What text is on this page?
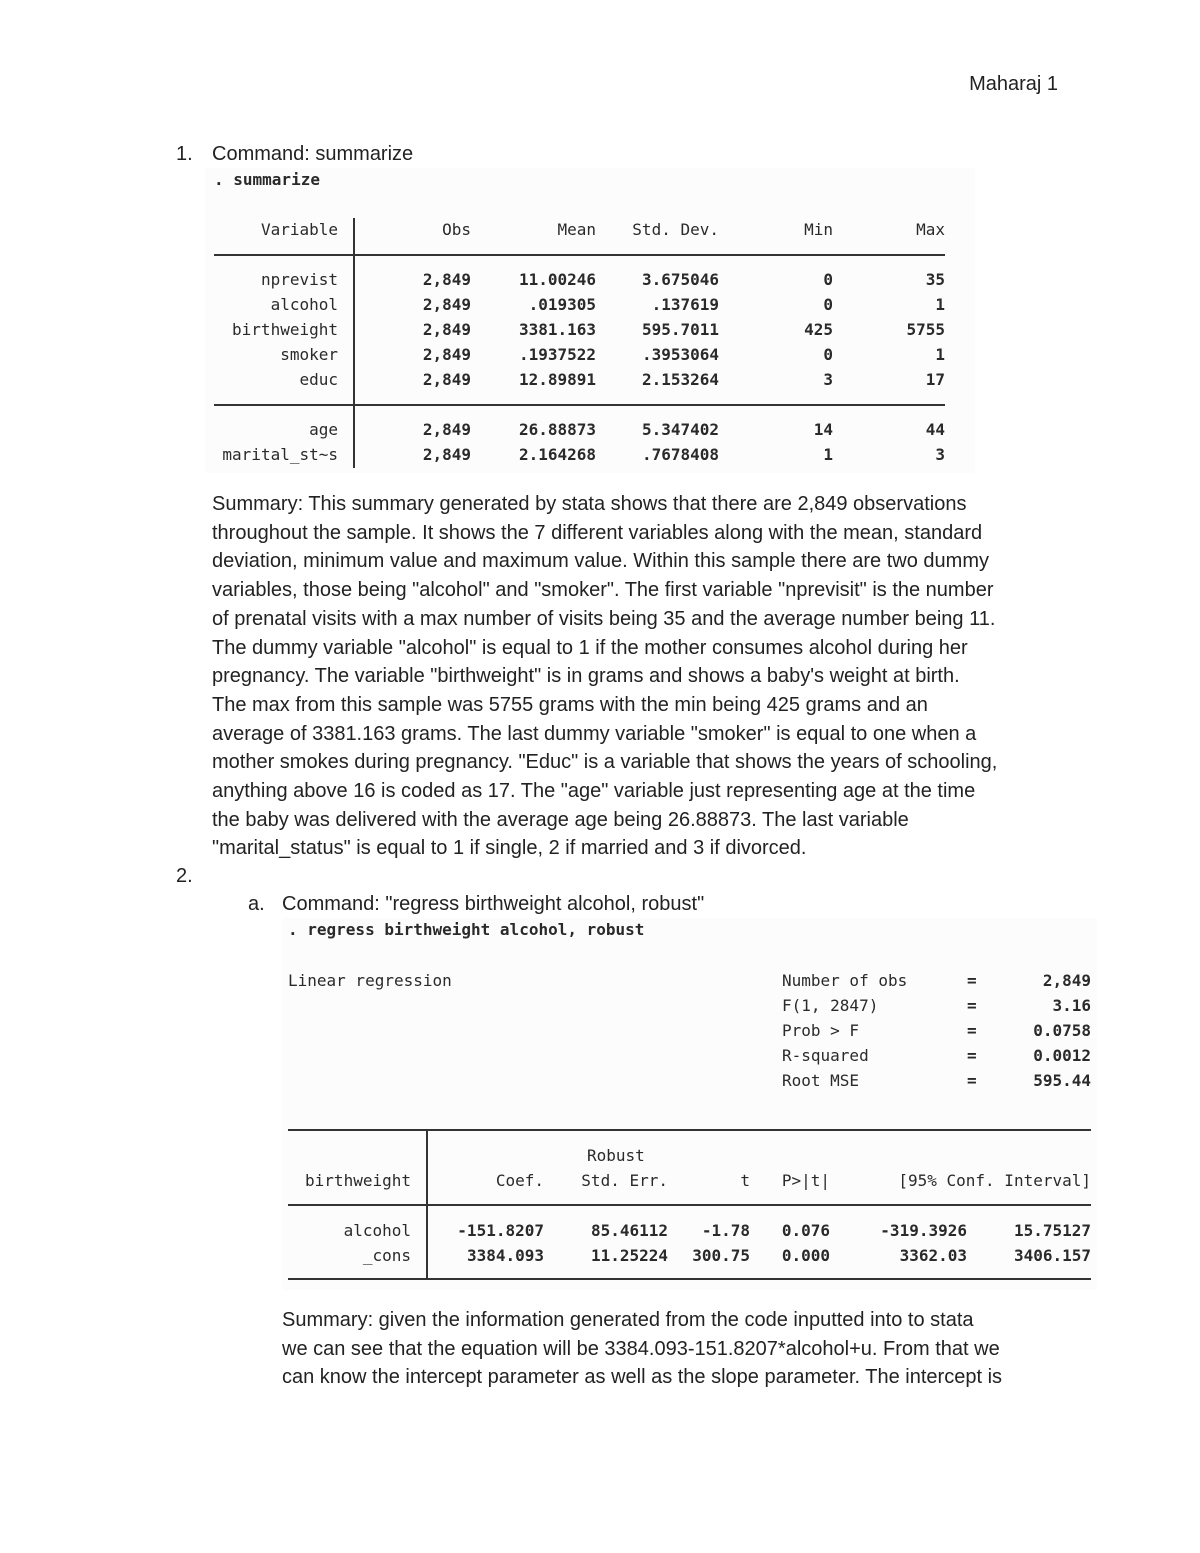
Maharaj 1
1. Command: summarize
. summarize
Variable	Obs	Mean	Std. Dev.	Min	Max
nprevist	2,849	11.00246	3.675046	0	35
alcohol	2,849	.019305	.137619	0	1
birthweight	2,849	3381.163	595.7011	425	5755
smoker	2,849	.1937522	.3953064	0	1
educ	2,849	12.89891	2.153264	3	17
age	2,849	26.88873	5.347402	14	44
marital_st~s	2,849	2.164268	.7678408	1	3
Summary: This summary generated by stata shows that there are 2,849 observations
throughout the sample. It shows the 7 different variables along with the mean, standard
deviation, minimum value and maximum value. Within this sample there are two dummy
variables, those being "alcohol" and "smoker". The first variable "nprevisit" is the number
of prenatal visits with a max number of visits being 35 and the average number being 11.
The dummy variable "alcohol" is equal to 1 if the mother consumes alcohol during her
pregnancy. The variable "birthweight" is in grams and shows a baby's weight at birth.
The max from this sample was 5755 grams with the min being 425 grams and an
average of 3381.163 grams. The last dummy variable "smoker" is equal to one when a
mother smokes during pregnancy. "Educ" is a variable that shows the years of schooling,
anything above 16 is coded as 17. The "age" variable just representing age at the time
the baby was delivered with the average age being 26.88873. The last variable
"marital_status" is equal to 1 if single, 2 if married and 3 if divorced.
2.
a. Command: "regress birthweight alcohol, robust"
. regress birthweight alcohol, robust
Linear regression	Number of obs	=	2,849
F(1, 2847)	=	3.16
Prob > F	=	0.0758
R-squared	=	0.0012
Root MSE	=	595.44
Robust
birthweight	Coef.	Std. Err.	t	P>|t|	[95% Conf. Interval]
alcohol	-151.8207	85.46112	-1.78	0.076	-319.3926	15.75127
_cons	3384.093	11.25224	300.75	0.000	3362.03	3406.157
Summary: given the information generated from the code inputted into to stata
we can see that the equation will be 3384.093-151.8207*alcohol+u. From that we
can know the intercept parameter as well as the slope parameter. The intercept is
